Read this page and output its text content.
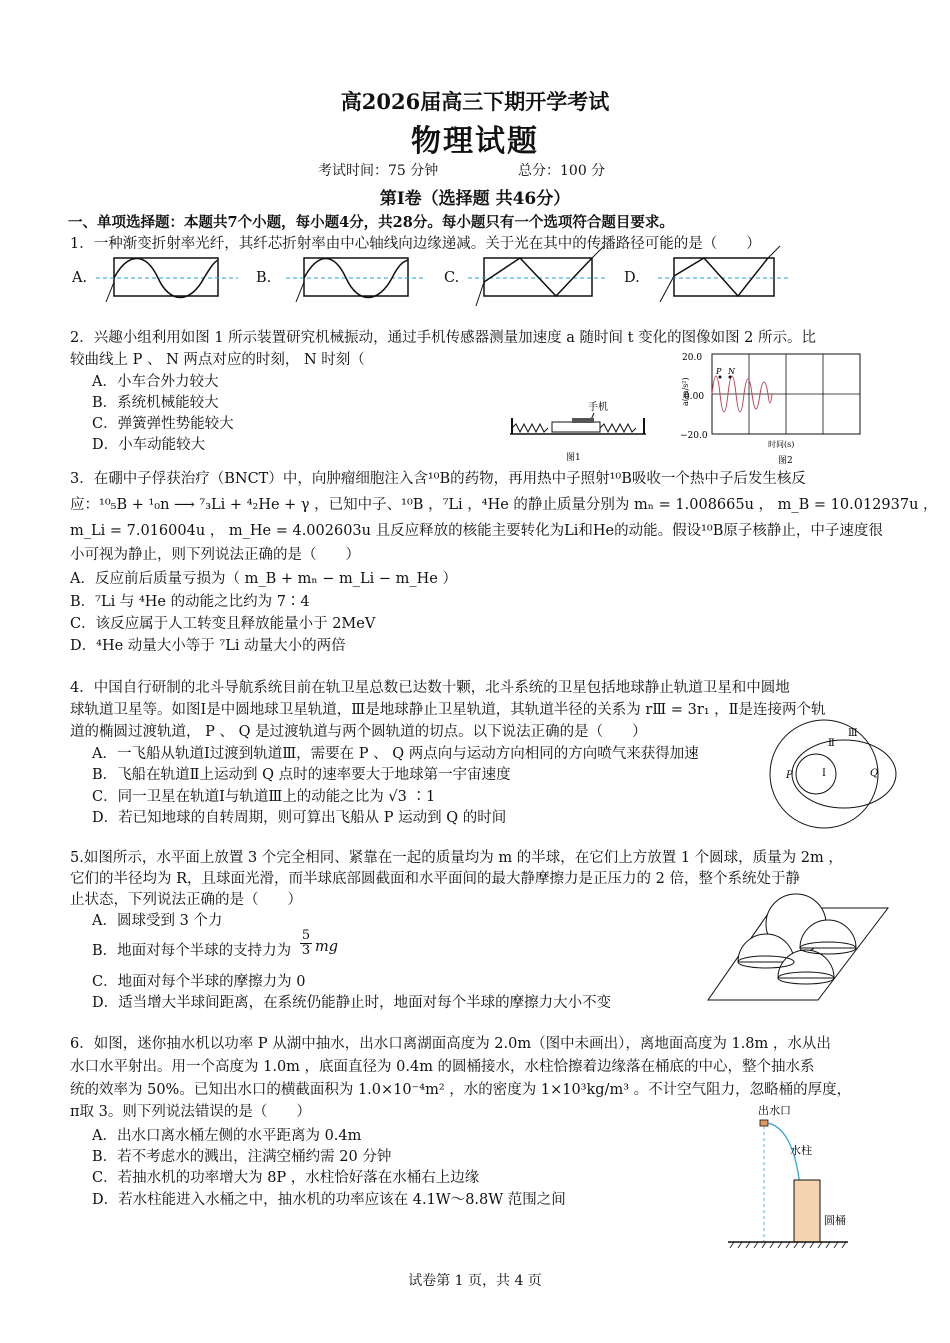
高2026届高三下期开学考试
物理试题
考试时间：75 分钟	总分：100 分
第Ⅰ卷（选择题 共46分）
一、单项选择题：本题共7个小题，每小题4分，共28分。每小题只有一个选项符合题目要求。
1．一种渐变折射率光纤，其纤芯折射率由中心轴线向边缘递减。关于光在其中的传播路径可能的是（　　）
A.	B.	C.	D.
2．兴趣小组利用如图 1 所示装置研究机械振动，通过手机传感器测量加速度 a 随时间 t 变化的图像如图 2 所示。比
较曲线上 P 、 N 两点对应的时刻， N 时刻（
A．小车合外力较大
B．系统机械能较大
C．弹簧弹性势能较大
D．小车动能较大
手机
图1
20.0
0.00
−20.0
a(m/s²)
P N
时间(s)
图2
3．在硼中子俘获治疗（BNCT）中，向肿瘤细胞注入含¹⁰B的药物，再用热中子照射¹⁰B吸收一个热中子后发生核反
应：¹⁰₅B + ¹₀n ⟶ ⁷₃Li + ⁴₂He + γ ，已知中子、¹⁰B ，⁷Li ，⁴He 的静止质量分别为 mₙ = 1.008665u ， m_B = 10.012937u ，
m_Li = 7.016004u ， m_He = 4.002603u 且反应释放的核能主要转化为Li和He的动能。假设¹⁰B原子核静止，中子速度很
小可视为静止，则下列说法正确的是（　　）
A．反应前后质量亏损为（ m_B + mₙ − m_Li − m_He ）
B．⁷Li 与 ⁴He 的动能之比约为 7∶4
C．该反应属于人工转变且释放能量小于 2MeV
D．⁴He 动量大小等于 ⁷Li 动量大小的两倍
4．中国自行研制的北斗导航系统目前在轨卫星总数已达数十颗，北斗系统的卫星包括地球静止轨道卫星和中圆地
球轨道卫星等。如图Ⅰ是中圆地球卫星轨道，Ⅲ是地球静止卫星轨道，其轨道半径的关系为 rⅢ = 3r₁ ，Ⅱ是连接两个轨
道的椭圆过渡轨道， P 、 Q 是过渡轨道与两个圆轨道的切点。以下说法正确的是（　　）
A．一飞船从轨道Ⅰ过渡到轨道Ⅲ，需要在 P 、 Q 两点向与运动方向相同的方向喷气来获得加速
B．飞船在轨道Ⅱ上运动到 Q 点时的速率要大于地球第一宇宙速度
C．同一卫星在轨道Ⅰ与轨道Ⅲ上的动能之比为 √3 ∶1
D．若已知地球的自转周期，则可算出飞船从 P 运动到 Q 的时间
Ⅰ
Ⅱ
Ⅲ
P	Q
5.如图所示，水平面上放置 3 个完全相同、紧靠在一起的质量均为 m 的半球，在它们上方放置 1 个圆球，质量为 2m ，
它们的半径均为 R，且球面光滑，而半球底部圆截面和水平面间的最大静摩擦力是正压力的 2 倍，整个系统处于静
止状态，下列说法正确的是（　　）
A．圆球受到 3 个力
B．地面对每个半球的支持力为 $\frac{5}{3}$ mg
C．地面对每个半球的摩擦力为 0
D．适当增大半球间距离，在系统仍能静止时，地面对每个半球的摩擦力大小不变
6．如图，迷你抽水机以功率 P 从湖中抽水，出水口离湖面高度为 2.0m（图中未画出），离地面高度为 1.8m ，水从出
水口水平射出。用一个高度为 1.0m ，底面直径为 0.4m 的圆桶接水，水柱恰擦着边缘落在桶底的中心，整个抽水系
统的效率为 50%。已知出水口的横截面积为 1.0×10⁻⁴m² ，水的密度为 1×10³kg/m³ 。不计空气阻力，忽略桶的厚度，
π取 3。则下列说法错误的是（　　）
A．出水口离水桶左侧的水平距离为 0.4m
B．若不考虑水的溅出，注满空桶约需 20 分钟
C．若抽水机的功率增大为 8P ，水柱恰好落在水桶右上边缘
D．若水柱能进入水桶之中，抽水机的功率应该在 4.1W～8.8W 范围之间
出水口
水柱
圆桶
试卷第 1 页，共 4 页
